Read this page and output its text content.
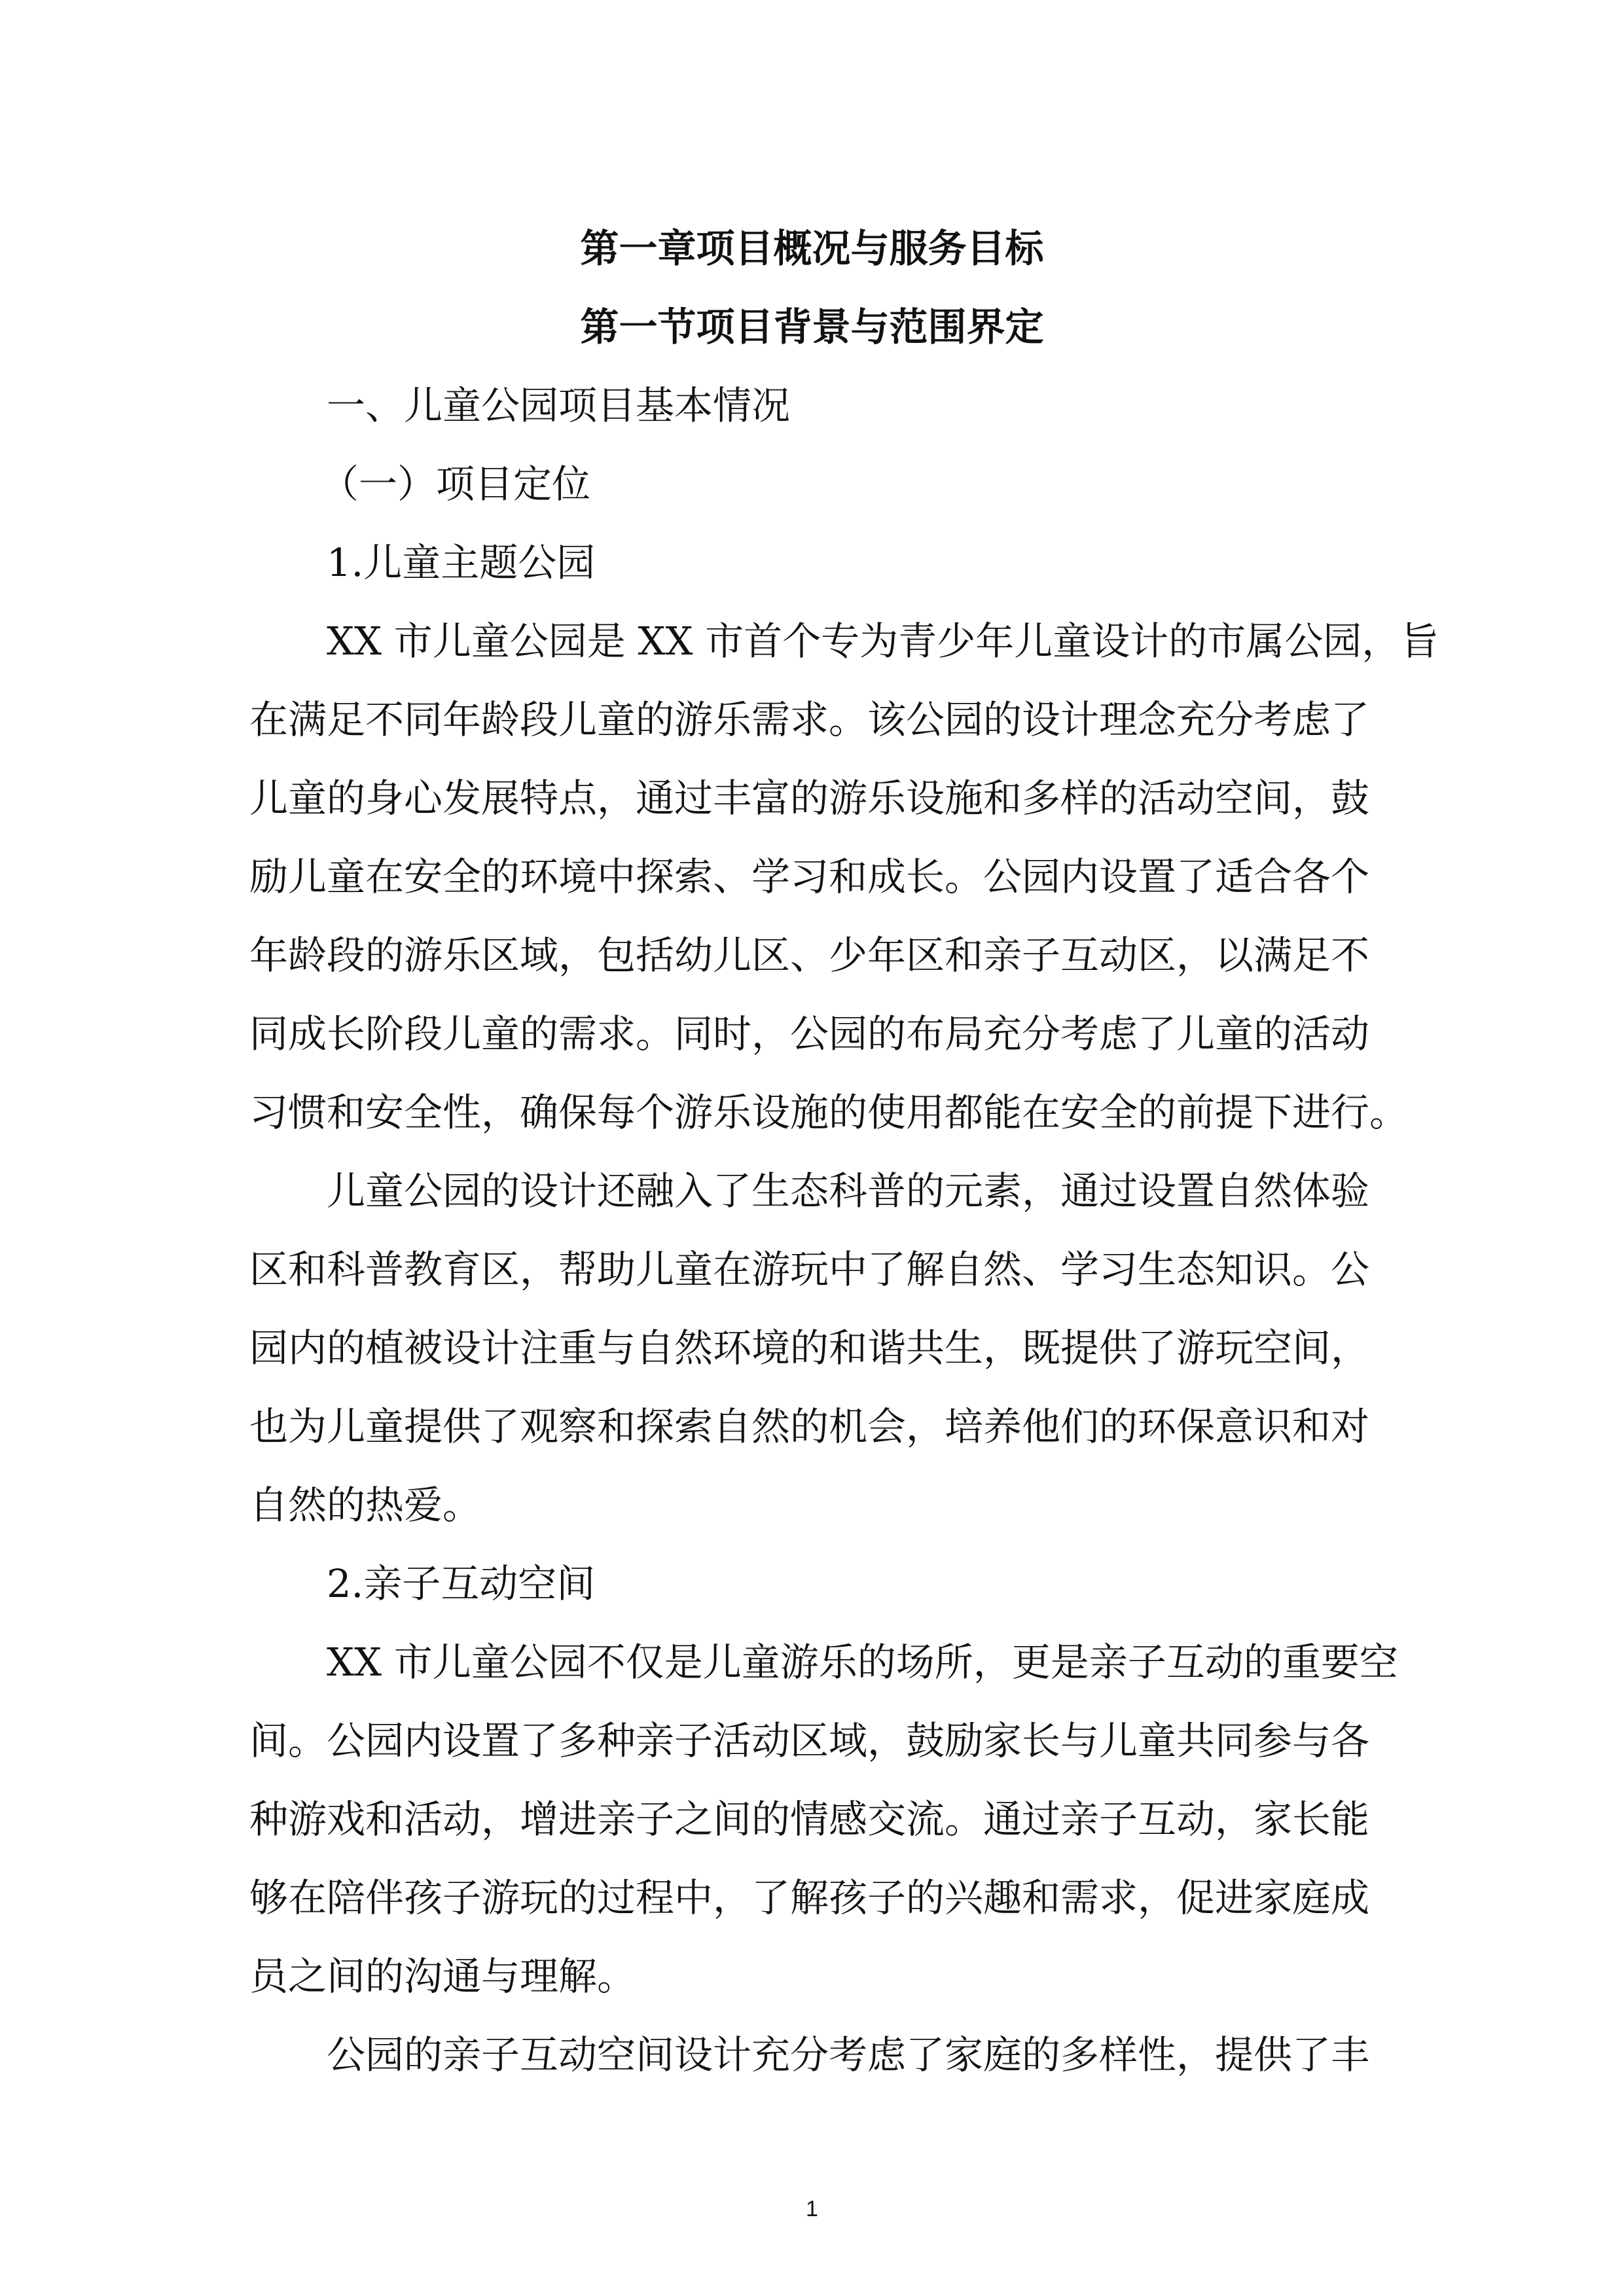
第一章项目概况与服务目标
第一节项目背景与范围界定

一、儿童公园项目基本情况

（一）项目定位

1.儿童主题公园

XX 市儿童公园是 XX 市首个专为青少年儿童设计的市属公园，旨

在满足不同年龄段儿童的游乐需求。该公园的设计理念充分考虑了

儿童的身心发展特点，通过丰富的游乐设施和多样的活动空间，鼓

励儿童在安全的环境中探索、学习和成长。公园内设置了适合各个

年龄段的游乐区域，包括幼儿区、少年区和亲子互动区，以满足不

同成长阶段儿童的需求。同时，公园的布局充分考虑了儿童的活动

习惯和安全性，确保每个游乐设施的使用都能在安全的前提下进行。

儿童公园的设计还融入了生态科普的元素，通过设置自然体验

区和科普教育区，帮助儿童在游玩中了解自然、学习生态知识。公

园内的植被设计注重与自然环境的和谐共生，既提供了游玩空间，

也为儿童提供了观察和探索自然的机会，培养他们的环保意识和对

自然的热爱。

2.亲子互动空间

XX 市儿童公园不仅是儿童游乐的场所，更是亲子互动的重要空

间。公园内设置了多种亲子活动区域，鼓励家长与儿童共同参与各

种游戏和活动，增进亲子之间的情感交流。通过亲子互动，家长能

够在陪伴孩子游玩的过程中，了解孩子的兴趣和需求，促进家庭成

员之间的沟通与理解。

公园的亲子互动空间设计充分考虑了家庭的多样性，提供了丰

1
